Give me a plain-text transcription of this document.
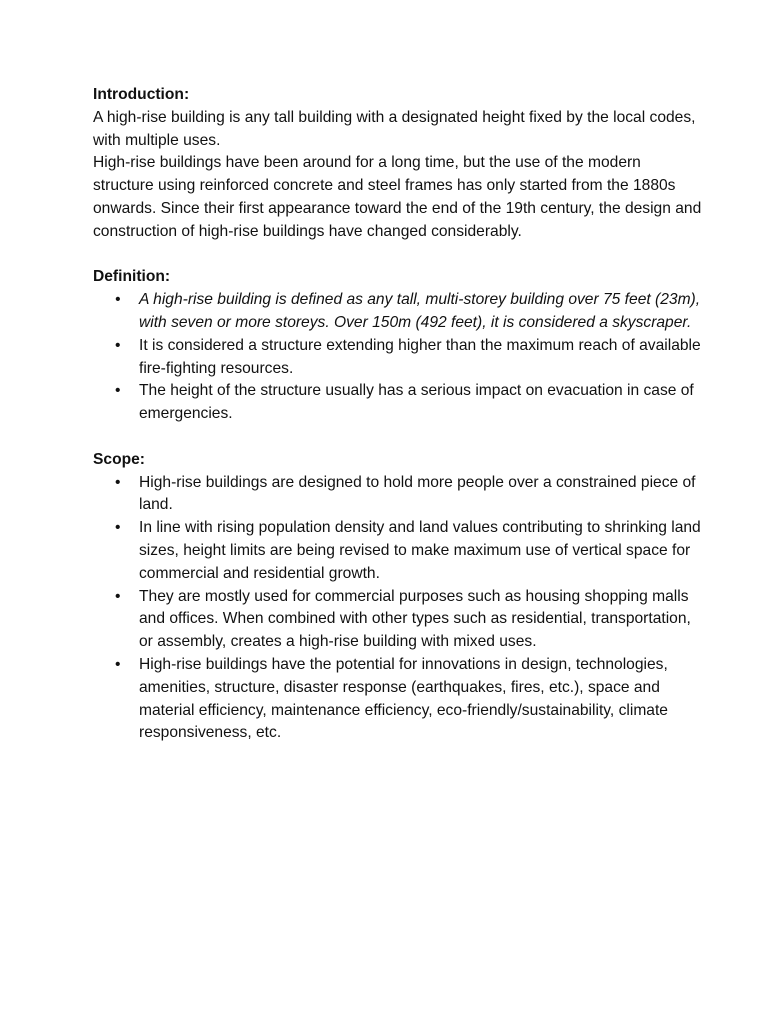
Introduction:

A high-rise building is any tall building with a designated height fixed by the local codes, with multiple uses.

High-rise buildings have been around for a long time, but the use of the modern structure using reinforced concrete and steel frames has only started from the 1880s onwards. Since their first appearance toward the end of the 19th century, the design and construction of high-rise buildings have changed considerably.

Definition:

• A high-rise building is defined as any tall, multi-storey building over 75 feet (23m), with seven or more storeys. Over 150m (492 feet), it is considered a skyscraper.
• It is considered a structure extending higher than the maximum reach of available fire-fighting resources.
• The height of the structure usually has a serious impact on evacuation in case of emergencies.

Scope:

• High-rise buildings are designed to hold more people over a constrained piece of land.
• In line with rising population density and land values contributing to shrinking land sizes, height limits are being revised to make maximum use of vertical space for commercial and residential growth.
• They are mostly used for commercial purposes such as housing shopping malls and offices. When combined with other types such as residential, transportation, or assembly, creates a high-rise building with mixed uses.
• High-rise buildings have the potential for innovations in design, technologies, amenities, structure, disaster response (earthquakes, fires, etc.), space and material efficiency, maintenance efficiency, eco-friendly/sustainability, climate responsiveness, etc.
